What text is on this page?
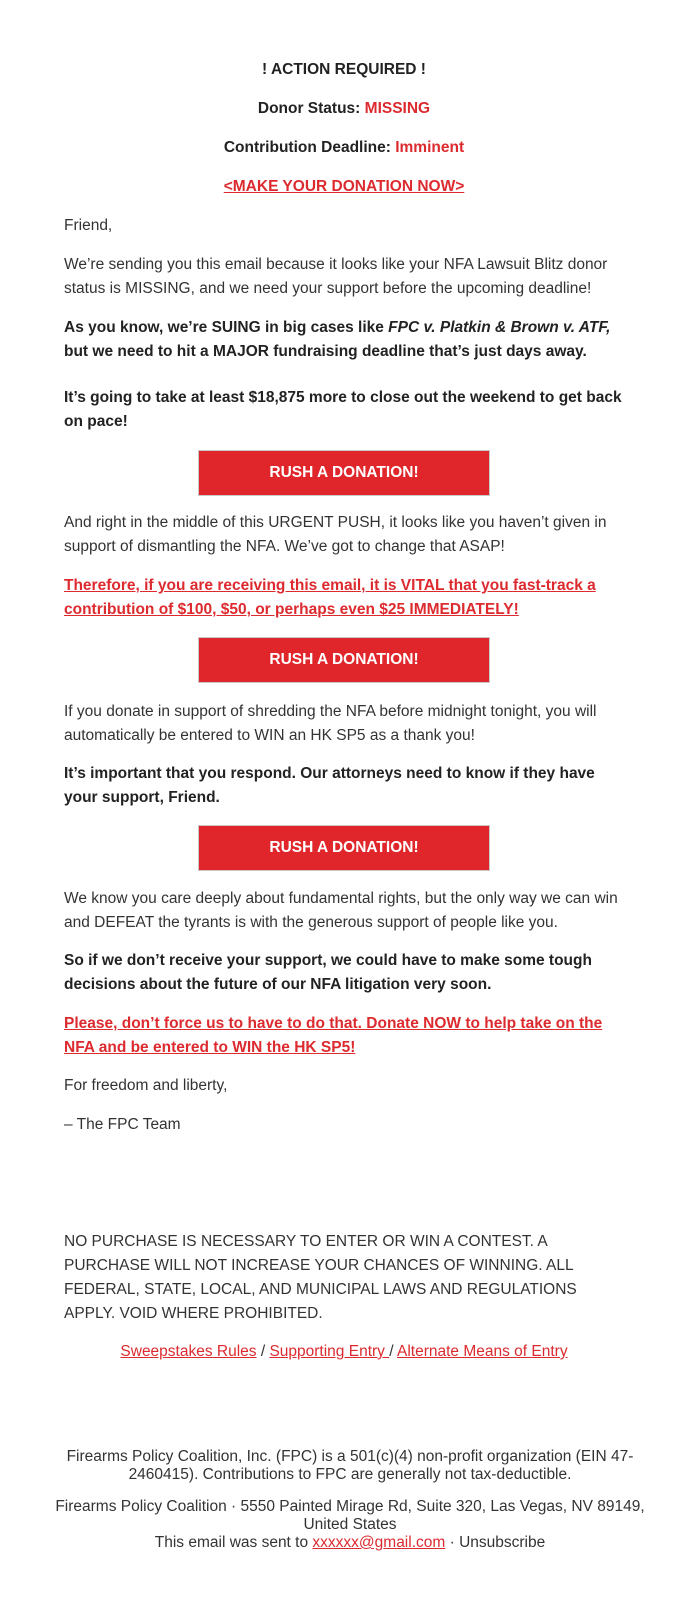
! ACTION REQUIRED !
Donor Status: MISSING
Contribution Deadline: Imminent
<MAKE YOUR DONATION NOW>
Friend,
We’re sending you this email because it looks like your NFA Lawsuit Blitz donor status is MISSING, and we need your support before the upcoming deadline!
As you know, we’re SUING in big cases like FPC v. Platkin & Brown v. ATF, but we need to hit a MAJOR fundraising deadline that’s just days away.
It’s going to take at least $18,875 more to close out the weekend to get back on pace!
RUSH A DONATION!
And right in the middle of this URGENT PUSH, it looks like you haven’t given in support of dismantling the NFA. We’ve got to change that ASAP!
Therefore, if you are receiving this email, it is VITAL that you fast-track a contribution of $100, $50, or perhaps even $25 IMMEDIATELY!
RUSH A DONATION!
If you donate in support of shredding the NFA before midnight tonight, you will automatically be entered to WIN an HK SP5 as a thank you!
It’s important that you respond. Our attorneys need to know if they have your support, Friend.
RUSH A DONATION!
We know you care deeply about fundamental rights, but the only way we can win and DEFEAT the tyrants is with the generous support of people like you.
So if we don’t receive your support, we could have to make some tough decisions about the future of our NFA litigation very soon.
Please, don’t force us to have to do that. Donate NOW to help take on the NFA and be entered to WIN the HK SP5!
For freedom and liberty,
– The FPC Team
NO PURCHASE IS NECESSARY TO ENTER OR WIN A CONTEST. A PURCHASE WILL NOT INCREASE YOUR CHANCES OF WINNING. ALL FEDERAL, STATE, LOCAL, AND MUNICIPAL LAWS AND REGULATIONS APPLY. VOID WHERE PROHIBITED.
Sweepstakes Rules / Supporting Entry / Alternate Means of Entry
Firearms Policy Coalition, Inc. (FPC) is a 501(c)(4) non-profit organization (EIN 47-2460415). Contributions to FPC are generally not tax-deductible.
Firearms Policy Coalition · 5550 Painted Mirage Rd, Suite 320, Las Vegas, NV 89149, United States
This email was sent to xxxxxx@gmail.com · Unsubscribe
